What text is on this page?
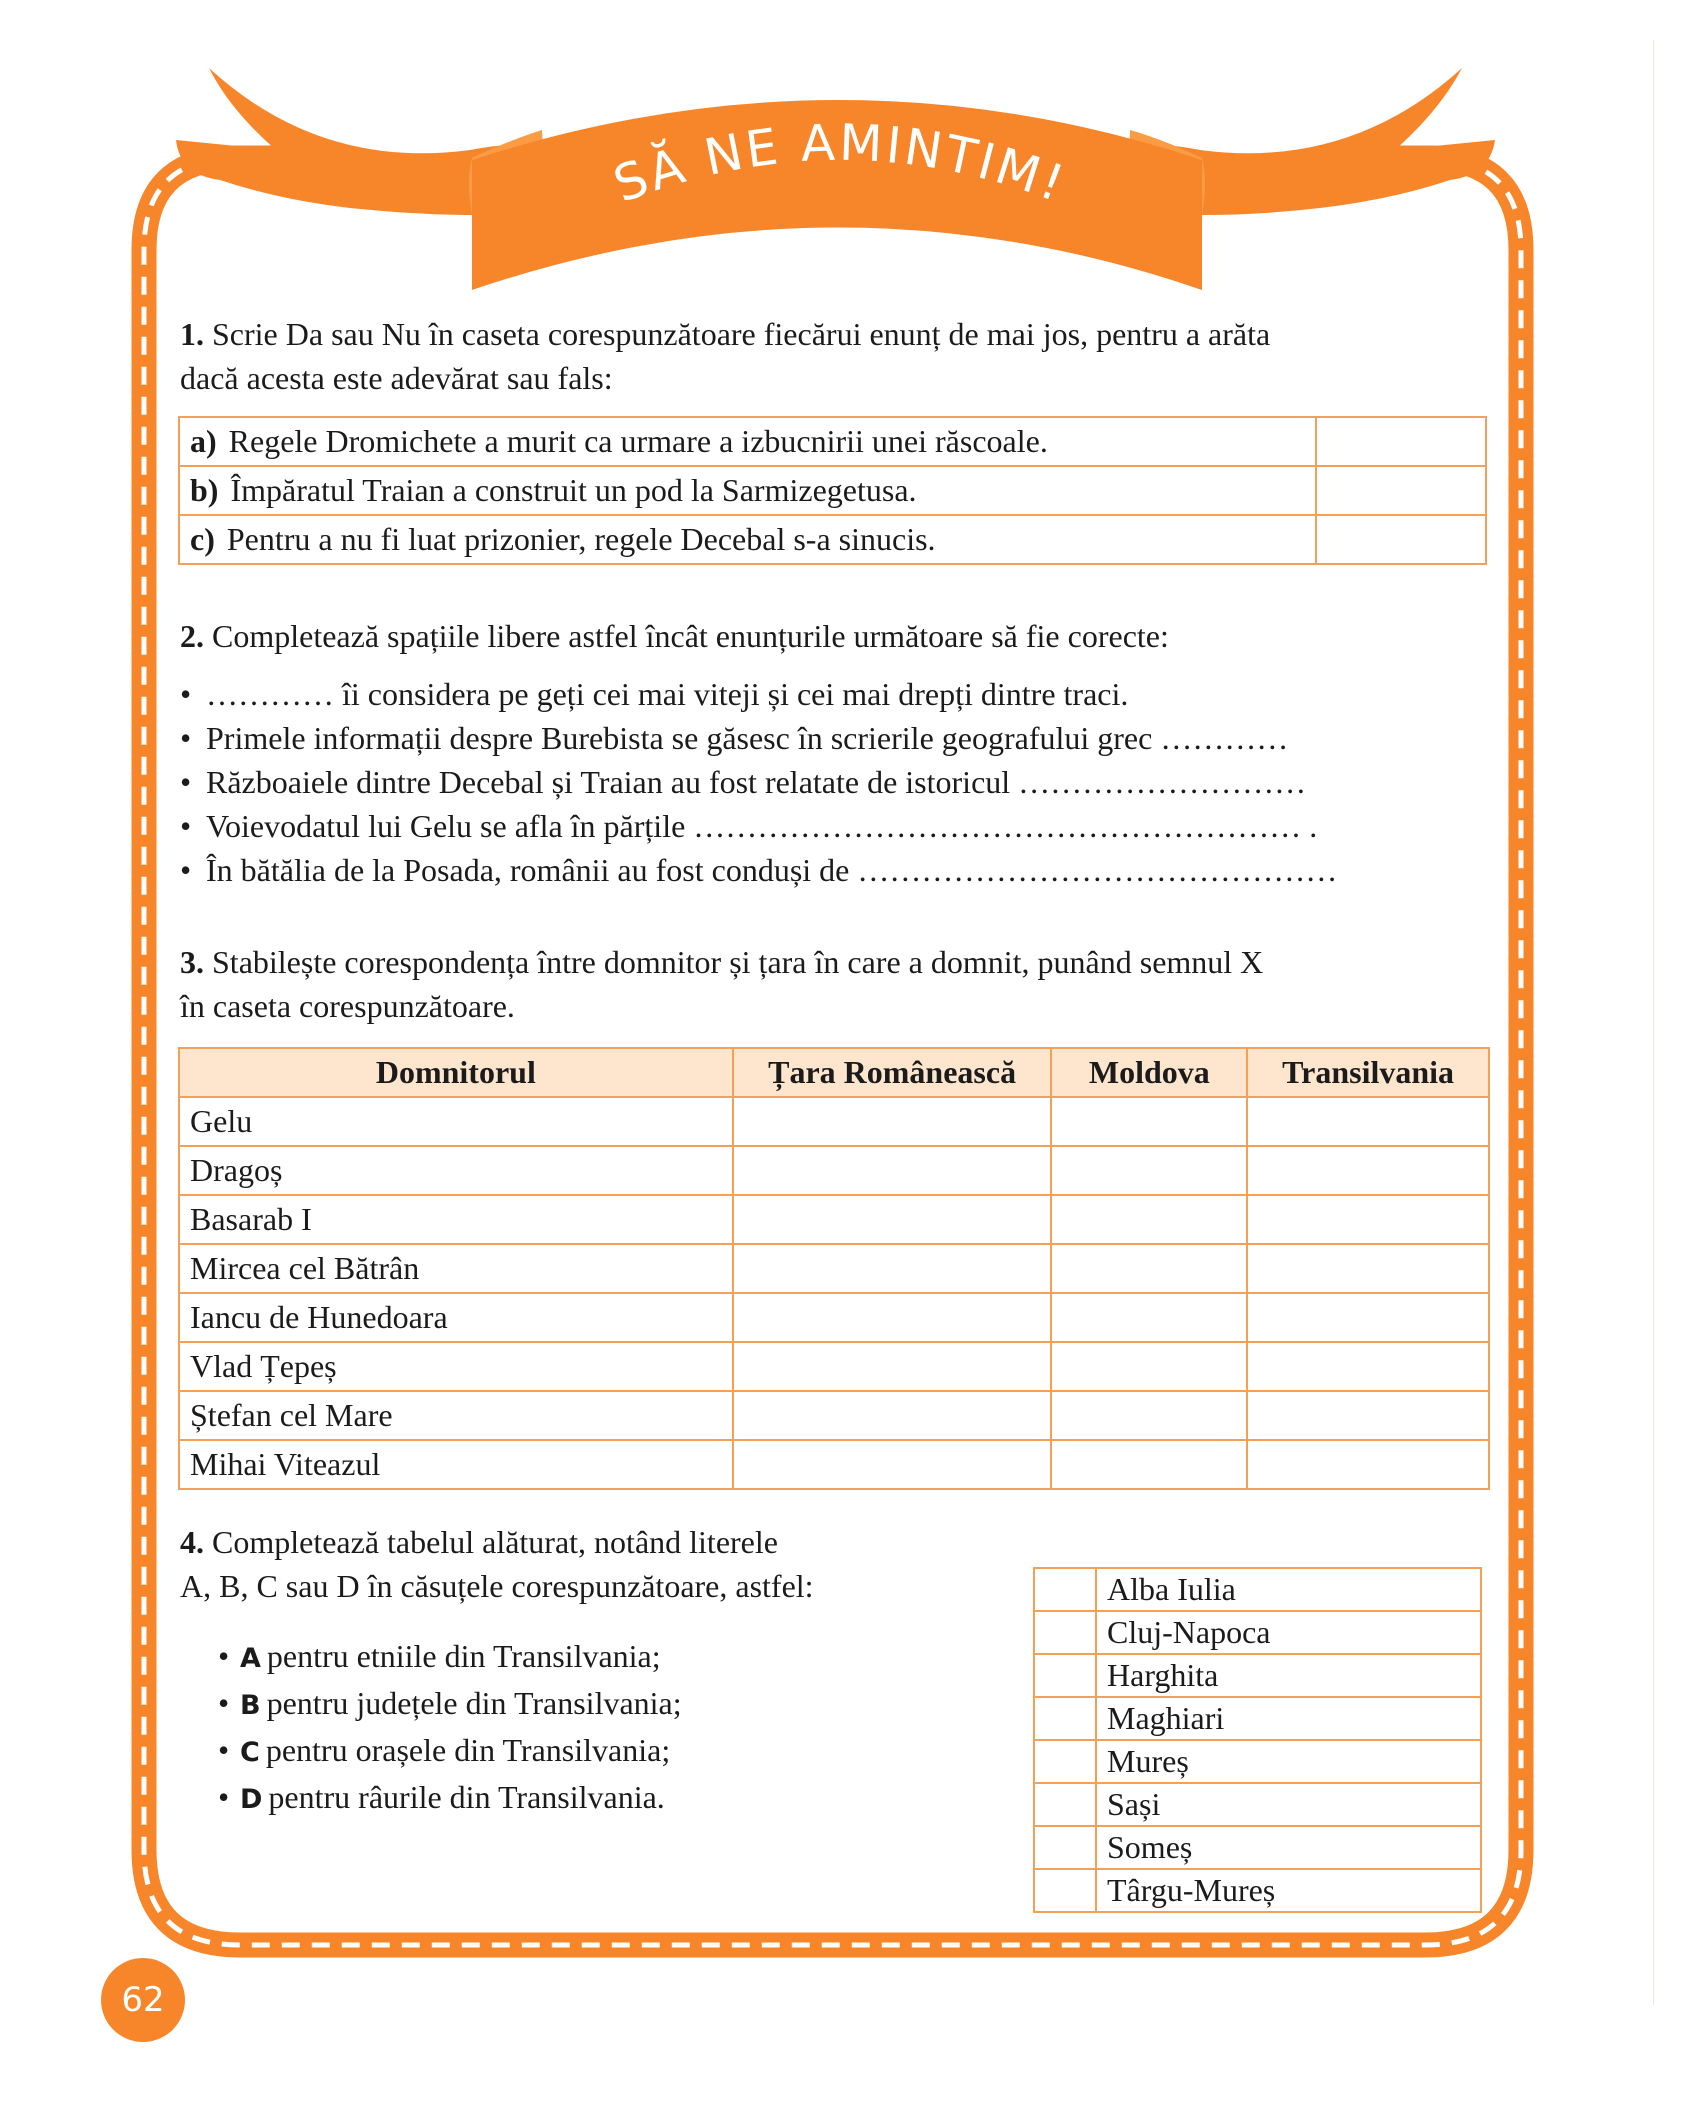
SĂ NE AMINTIM!
1. Scrie Da sau Nu în caseta corespunzătoare fiecărui enunț de mai jos, pentru a arăta
dacă acesta este adevărat sau fals:
a) Regele Dromichete a murit ca urmare a izbucnirii unei răscoale.	
b) Împăratul Traian a construit un pod la Sarmizegetusa.	
c) Pentru a nu fi luat prizonier, regele Decebal s-a sinucis.	
2. Completează spațiile libere astfel încât enunțurile următoare să fie corecte:
• ………… îi considera pe geți cei mai viteji și cei mai drepți dintre traci.
• Primele informații despre Burebista se găsesc în scrierile geografului grec …………
• Războaiele dintre Decebal și Traian au fost relatate de istoricul ………………………
• Voievodatul lui Gelu se afla în părțile ………………………………………………… .
• În bătălia de la Posada, românii au fost conduși de ………………………………………
3. Stabilește corespondența între domnitor și țara în care a domnit, punând semnul X
în caseta corespunzătoare.
Domnitorul	Țara Românească	Moldova	Transilvania
Gelu			
Dragoș			
Basarab I			
Mircea cel Bătrân			
Iancu de Hunedoara			
Vlad Țepeș			
Ștefan cel Mare			
Mihai Viteazul			
4. Completează tabelul alăturat, notând literele
A, B, C sau D în căsuțele corespunzătoare, astfel:
• A pentru etniile din Transilvania;
• B pentru județele din Transilvania;
• C pentru orașele din Transilvania;
• D pentru râurile din Transilvania.
	Alba Iulia
	Cluj-Napoca
	Harghita
	Maghiari
	Mureș
	Sași
	Someș
	Târgu-Mureș
62
